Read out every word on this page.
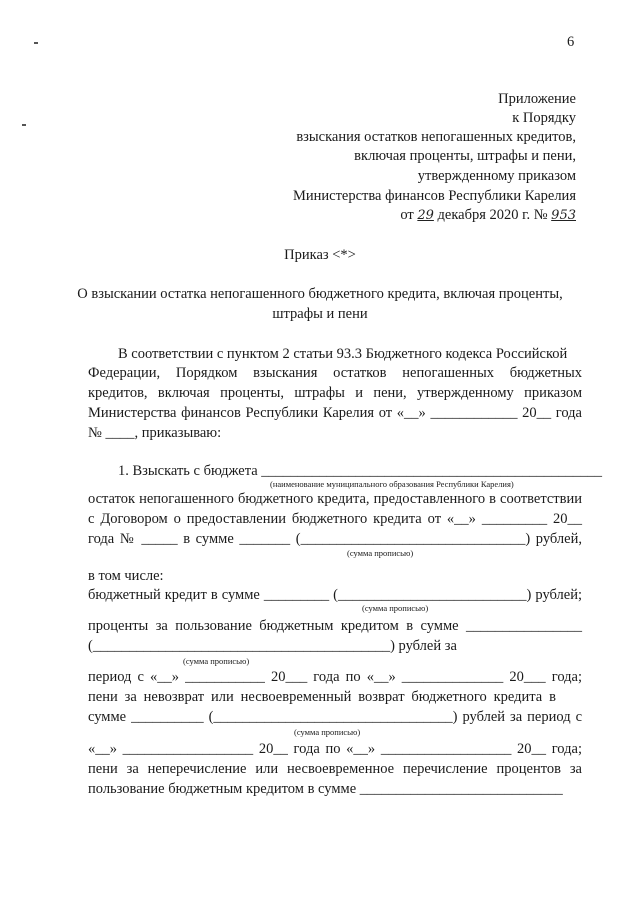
6
Приложение
к Порядку
взыскания остатков непогашенных кредитов,
включая проценты, штрафы и пени,
утвержденному приказом
Министерства финансов Республики Карелия
от 29 декабря 2020 г. № 953
Приказ <*>
О взыскании остатка непогашенного бюджетного кредита, включая проценты,
штрафы и пени
В соответствии с пунктом 2 статьи 93.3 Бюджетного кодекса Российской
Федерации, Порядком взыскания остатков непогашенных бюджетных
кредитов, включая проценты, штрафы и пени, утвержденному приказом
Министерства финансов Республики Карелия от «__» ____________ 20__ года
№ ____, приказываю:
1. Взыскать с бюджета _______________________________________________
(наименование муниципального образования Республики Карелия)
остаток непогашенного бюджетного кредита, предоставленного в соответствии
с Договором о предоставлении бюджетного кредита от «__» _________ 20__
года № _____ в сумме _______ (_______________________________) рублей,
(сумма прописью)
в том числе:
бюджетный кредит в сумме _________ (__________________________) рублей;
(сумма прописью)
проценты за пользование бюджетным кредитом в сумме ________________
(_________________________________________) рублей за
(сумма прописью)
период с «__» ___________ 20___ года по «__» ______________ 20___ года;
пени за невозврат или несвоевременный возврат бюджетного кредита в
сумме __________ (_________________________________) рублей за период с
(сумма прописью)
«__» __________________ 20__ года по «__» __________________ 20__ года;
пени за неперечисление или несвоевременное перечисление процентов за
пользование бюджетным кредитом в сумме ____________________________
